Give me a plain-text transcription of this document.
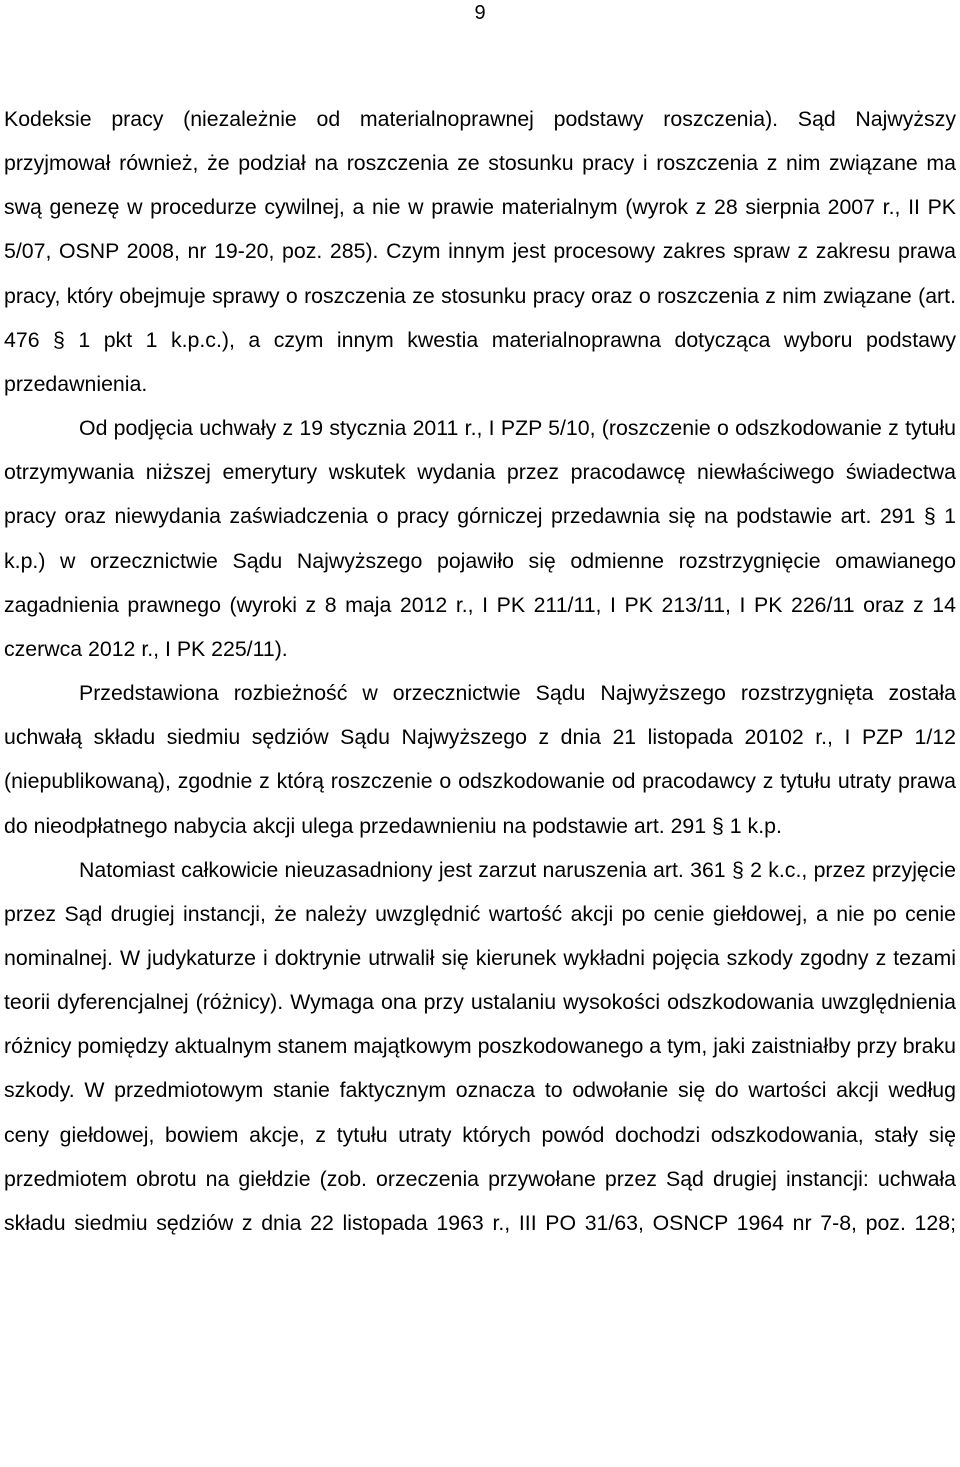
9

Kodeksie pracy (niezależnie od materialnoprawnej podstawy roszczenia). Sąd Najwyższy przyjmował również, że podział na roszczenia ze stosunku pracy i roszczenia z nim związane ma swą genezę w procedurze cywilnej, a nie w prawie materialnym (wyrok z 28 sierpnia 2007 r., II PK 5/07, OSNP 2008, nr 19-20, poz. 285). Czym innym jest procesowy zakres spraw z zakresu prawa pracy, który obejmuje sprawy o roszczenia ze stosunku pracy oraz o roszczenia z nim związane (art. 476 § 1 pkt 1 k.p.c.), a czym innym kwestia materialnoprawna dotycząca wyboru podstawy przedawnienia.

Od podjęcia uchwały z 19 stycznia 2011 r., I PZP 5/10, (roszczenie o odszkodowanie z tytułu otrzymywania niższej emerytury wskutek wydania przez pracodawcę niewłaściwego świadectwa pracy oraz niewydania zaświadczenia o pracy górniczej przedawnia się na podstawie art. 291 § 1 k.p.) w orzecznictwie Sądu Najwyższego pojawiło się odmienne rozstrzygnięcie omawianego zagadnienia prawnego (wyroki z 8 maja 2012 r., I PK 211/11, I PK 213/11, I PK 226/11 oraz z 14 czerwca 2012 r., I PK 225/11).

Przedstawiona rozbieżność w orzecznictwie Sądu Najwyższego rozstrzygnięta została uchwałą składu siedmiu sędziów Sądu Najwyższego z dnia 21 listopada 20102 r., I PZP 1/12 (niepublikowaną), zgodnie z którą roszczenie o odszkodowanie od pracodawcy z tytułu utraty prawa do nieodpłatnego nabycia akcji ulega przedawnieniu na podstawie art. 291 § 1 k.p.

Natomiast całkowicie nieuzasadniony jest zarzut naruszenia art. 361 § 2 k.c., przez przyjęcie przez Sąd drugiej instancji, że należy uwzględnić wartość akcji po cenie giełdowej, a nie po cenie nominalnej. W judykaturze i doktrynie utrwalił się kierunek wykładni pojęcia szkody zgodny z tezami teorii dyferencjalnej (różnicy). Wymaga ona przy ustalaniu wysokości odszkodowania uwzględnienia różnicy pomiędzy aktualnym stanem majątkowym poszkodowanego a tym, jaki zaistniałby przy braku szkody. W przedmiotowym stanie faktycznym oznacza to odwołanie się do wartości akcji według ceny giełdowej, bowiem akcje, z tytułu utraty których powód dochodzi odszkodowania, stały się przedmiotem obrotu na giełdzie (zob. orzeczenia przywołane przez Sąd drugiej instancji: uchwała składu siedmiu sędziów z dnia 22 listopada 1963 r., III PO 31/63, OSNCP 1964 nr 7-8, poz. 128;
